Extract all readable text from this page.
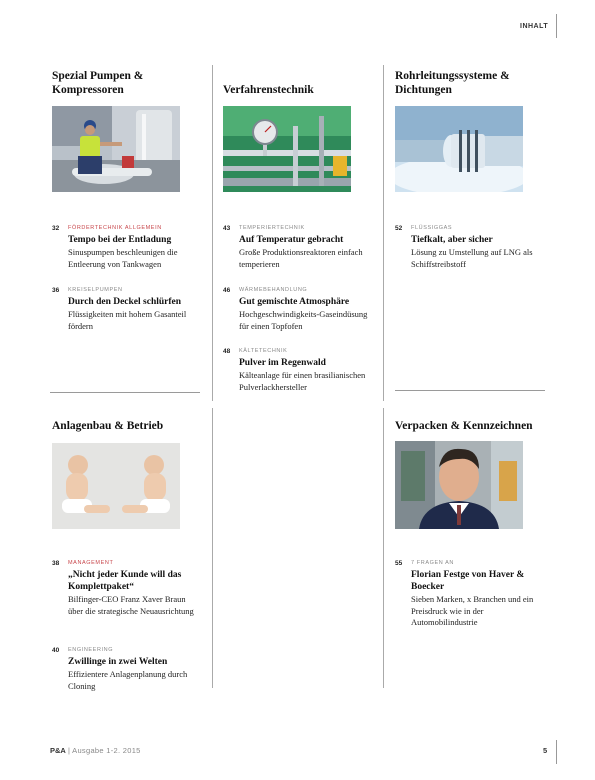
INHALT
Spezial Pumpen & Kompressoren
32 FÖRDERTECHNIK ALLGEMEIN
Tempo bei der Entladung
Sinuspumpen beschleunigen die Entleerung von Tankwagen
36 KREISELPUMPEN
Durch den Deckel schlürfen
Flüssigkeiten mit hohem Gasanteil fördern
Verfahrenstechnik
43 TEMPERIERTECHNIK
Auf Temperatur gebracht
Große Produktionsreaktoren einfach temperieren
46 WÄRMEBEHANDLUNG
Gut gemischte Atmosphäre
Hochgeschwindigkeits-Gaseindüsung für einen Topfofen
48 KÄLTETECHNIK
Pulver im Regenwald
Kälteanlage für einen brasilianischen Pulverlackhersteller
Rohrleitungssysteme & Dichtungen
52 FLÜSSIGGAS
Tiefkalt, aber sicher
Lösung zu Umstellung auf LNG als Schiffstreibstoff
Anlagenbau & Betrieb
38 MANAGEMENT
„Nicht jeder Kunde will das Komplettpaket“
Bilfinger-CEO Franz Xaver Braun über die strategische Neuausrichtung
40 ENGINEERING
Zwillinge in zwei Welten
Effizientere Anlagenplanung durch Cloning
Verpacken & Kennzeichnen
55 7 FRAGEN AN
Florian Festge von Haver & Boecker
Sieben Marken, x Branchen und ein Preisdruck wie in der Automobilindustrie
P&A | Ausgabe 1-2. 2015	5
